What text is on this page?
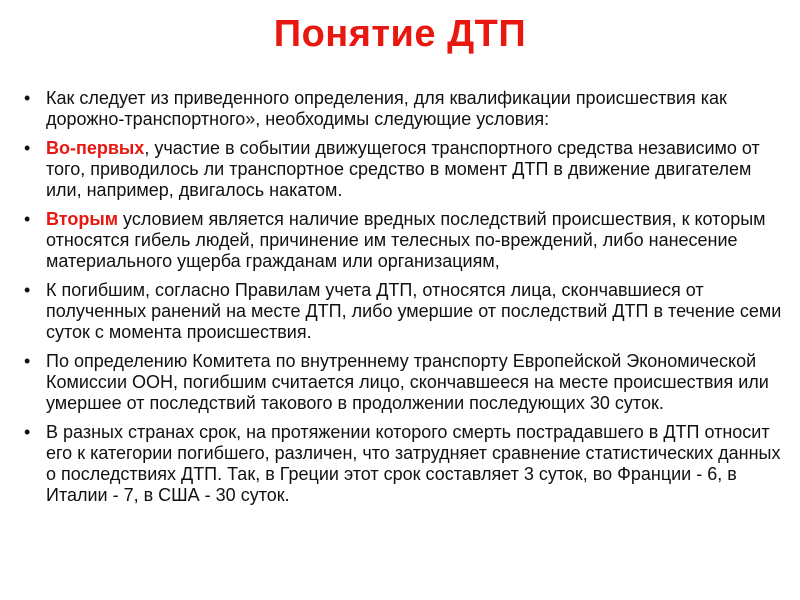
Понятие ДТП
• Как следует из приведенного определения, для квалификации происшествия как дорожно-транспортного», необходимы следующие условия:
• Во-первых, участие в событии движущегося транспортного средства независимо от того, приводилось ли транспортное средство в момент ДТП в движение двигателем или, например, двигалось накатом.
• Вторым условием является наличие вредных последствий происшествия, к которым относятся гибель людей, причинение им телесных по-вреждений, либо нанесение материального ущерба гражданам или организациям,
• К погибшим, согласно Правилам учета ДТП, относятся лица, скончавшиеся от полученных ранений на месте ДТП, либо умершие от последствий ДТП в течение семи суток с момента происшествия.
• По определению Комитета по внутреннему транспорту Европейской Экономической Комиссии ООН, погибшим считается лицо, скончавшееся на месте происшествия или умершее от последствий такового в продолжении последующих 30 суток.
• В разных странах срок, на протяжении которого смерть пострадавшего в ДТП относит его к категории погибшего, различен, что затрудняет сравнение статистических данных о последствиях ДТП. Так, в Греции этот срок составляет 3 суток, во Франции - 6, в Италии - 7, в США - 30 суток.
